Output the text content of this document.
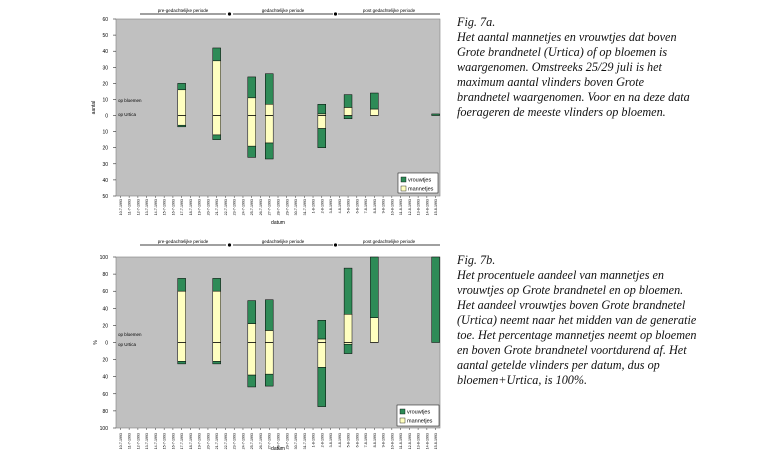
60
50
40
30
20
10
0
10
20
30
40
50
aantal
op bloemen
op Urtica
10-7-1993 11-7-1993 12-7-1993 13-7-1993 14-7-1993 15-7-1993 16-7-1993 17-7-1993 18-7-1993 19-7-1993 20-7-1993 21-7-1993 22-7-1993 23-7-1993 24-7-1993 25-7-1993 26-7-1993 27-7-1993 28-7-1993 29-7-1993 30-7-1993 31-7-1993 1-8-1993 2-8-1993 3-8-1993 4-8-1993 5-8-1993 6-8-1993 7-8-1993 8-8-1993 9-8-1993 10-8-1993 11-8-1993 12-8-1993 13-8-1993 14-8-1993 15-8-1993
datum
pre-gedachtelijke periode	gedachtelijke periode	post gedachtelijke periode
vrouwtjes
mannetjes
100
80
60
40
20
0
20
40
60
80
100
%
op bloemen
op Urtica
10-7-1993 11-7-1993 12-7-1993 13-7-1993 14-7-1993 15-7-1993 16-7-1993 17-7-1993 18-7-1993 19-7-1993 20-7-1993 21-7-1993 22-7-1993 23-7-1993 24-7-1993 25-7-1993 26-7-1993 27-7-1993 28-7-1993 29-7-1993 30-7-1993 31-7-1993 1-8-1993 2-8-1993 3-8-1993 4-8-1993 5-8-1993 6-8-1993 7-8-1993 8-8-1993 9-8-1993 10-8-1993 11-8-1993 12-8-1993 13-8-1993 14-8-1993 15-8-1993
datum
pre-gedachtelijke periode	gedachtelijke periode	post gedachtelijke periode
vrouwtjes
mannetjes
Fig. 7a.
Het aantal mannetjes en vrouwtjes dat boven Grote brandnetel (Urtica) of op bloemen is waargenomen. Omstreeks 25/29 juli is het maximum aantal vlinders boven Grote brandnetel waargenomen. Voor en na deze data foerageren de meeste vlinders op bloemen.
Fig. 7b.
Het procentuele aandeel van mannetjes en vrouwtjes op Grote brandnetel en op bloemen. Het aandeel vrouwtjes boven Grote brandnetel (Urtica) neemt naar het midden van de generatie toe. Het percentage mannetjes neemt op bloemen en boven Grote brandnetel voortdurend af. Het aantal getelde vlinders per datum, dus op bloemen+Urtica, is 100%.
